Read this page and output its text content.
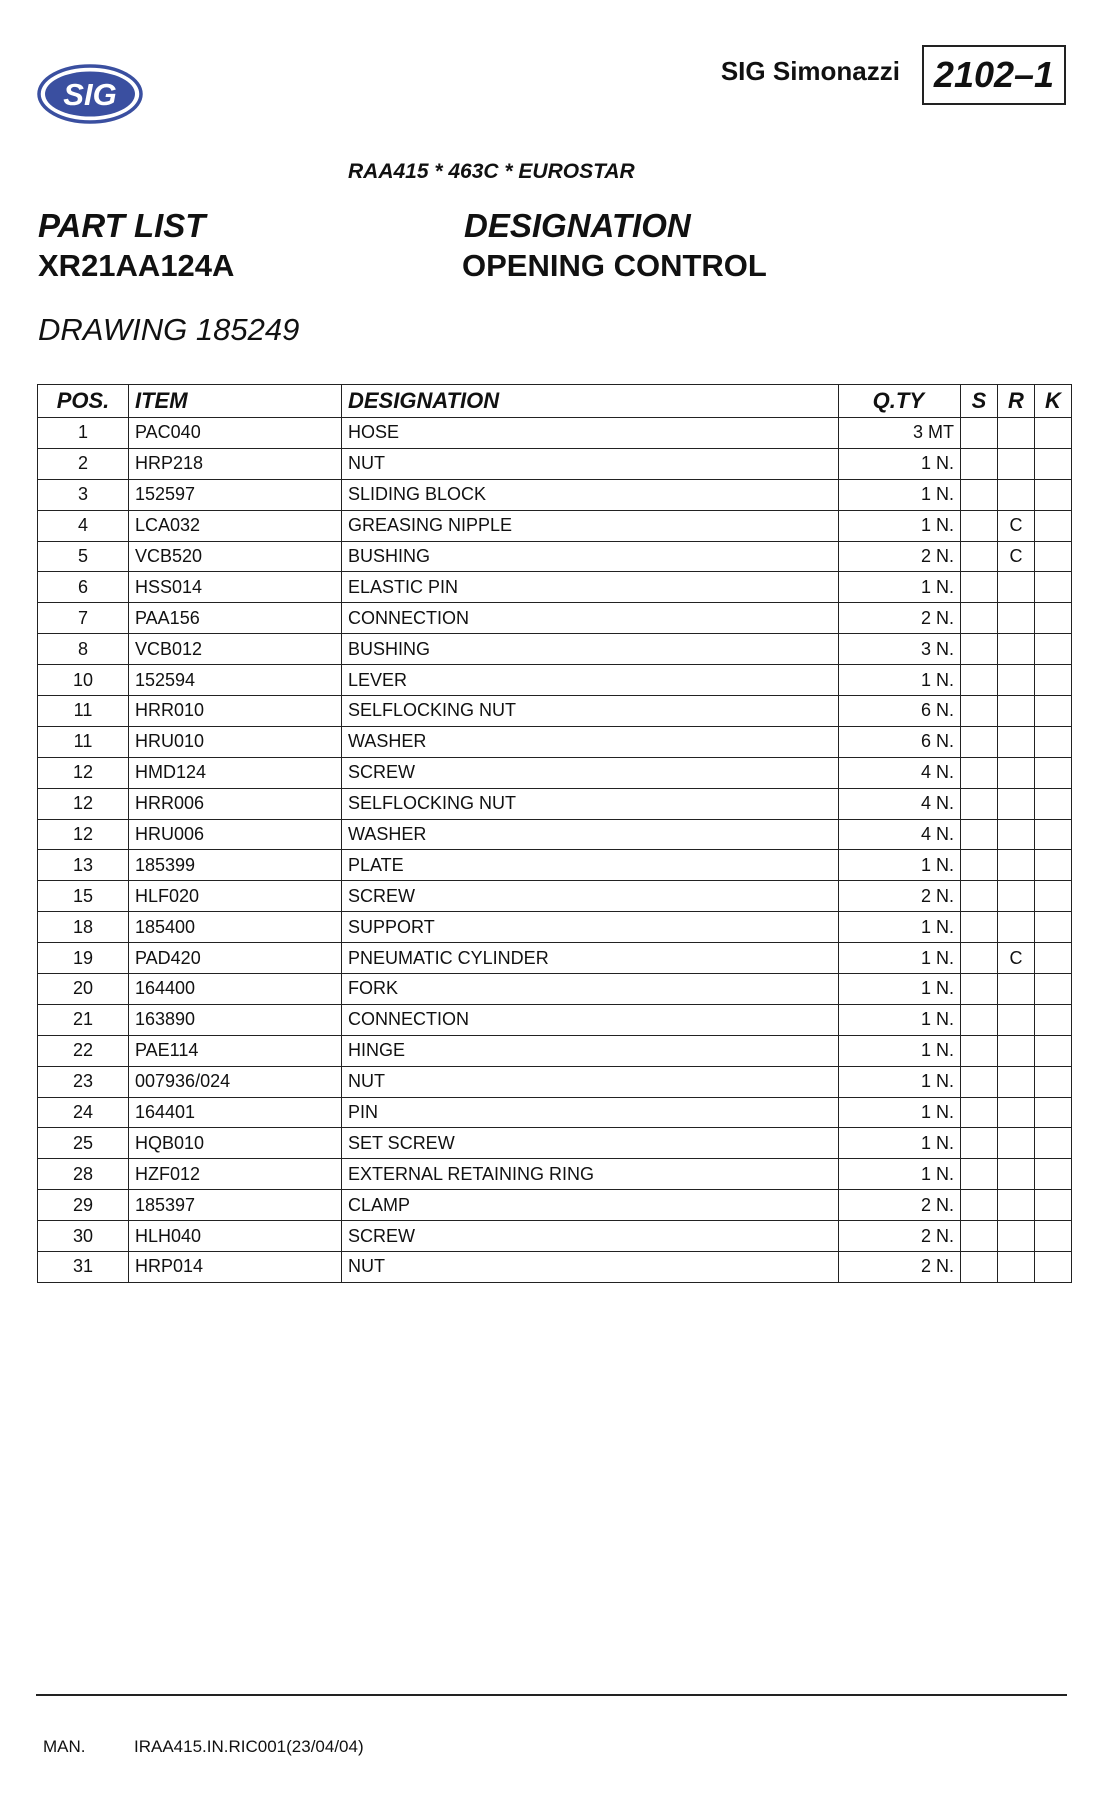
SIG
SIG Simonazzi 2102–1
RAA415 * 463C * EUROSTAR
PART LIST	DESIGNATION
XR21AA124A	OPENING CONTROL
DRAWING 185249
POS.	ITEM	DESIGNATION	Q.TY	S	R	K
1	PAC040	HOSE	3 MT			
2	HRP218	NUT	1 N.			
3	152597	SLIDING BLOCK	1 N.			
4	LCA032	GREASING NIPPLE	1 N.		C	
5	VCB520	BUSHING	2 N.		C	
6	HSS014	ELASTIC PIN	1 N.			
7	PAA156	CONNECTION	2 N.			
8	VCB012	BUSHING	3 N.			
10	152594	LEVER	1 N.			
11	HRR010	SELFLOCKING NUT	6 N.			
11	HRU010	WASHER	6 N.			
12	HMD124	SCREW	4 N.			
12	HRR006	SELFLOCKING NUT	4 N.			
12	HRU006	WASHER	4 N.			
13	185399	PLATE	1 N.			
15	HLF020	SCREW	2 N.			
18	185400	SUPPORT	1 N.			
19	PAD420	PNEUMATIC CYLINDER	1 N.		C	
20	164400	FORK	1 N.			
21	163890	CONNECTION	1 N.			
22	PAE114	HINGE	1 N.			
23	007936/024	NUT	1 N.			
24	164401	PIN	1 N.			
25	HQB010	SET SCREW	1 N.			
28	HZF012	EXTERNAL RETAINING RING	1 N.			
29	185397	CLAMP	2 N.			
30	HLH040	SCREW	2 N.			
31	HRP014	NUT	2 N.			
MAN.	IRAA415.IN.RIC001(23/04/04)
